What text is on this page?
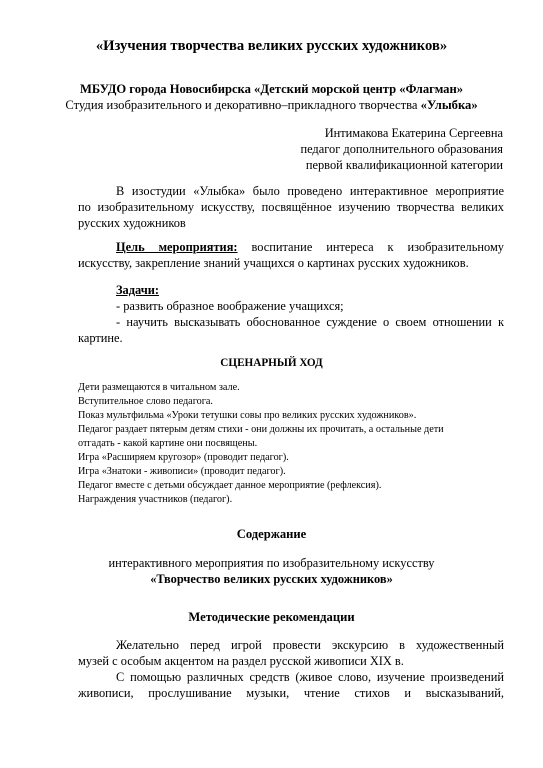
«Изучения творчества великих русских художников»
МБУДО города Новосибирска «Детский морской центр «Флагман»
Студия изобразительного и декоративно–прикладного творчества «Улыбка»
Интимакова Екатерина Сергеевна
педагог дополнительного образования
первой квалификационной категории
В изостудии «Улыбка» было проведено интерактивное мероприятие
по изобразительному искусству, посвящённое изучению творчества великих
русских художников
Цель мероприятия: воспитание интереса к изобразительному
искусству, закрепление знаний учащихся о картинах русских художников.
Задачи:
- развить образное воображение учащихся;
- научить высказывать обоснованное суждение о своем отношении к
картине.
СЦЕНАРНЫЙ ХОД
Дети размещаются в читальном зале.
Вступительное слово педагога.
Показ мультфильма «Уроки тетушки совы про великих русских художников».
Педагог раздает пятерым детям стихи - они должны их прочитать, а остальные дети
отгадать - какой картине они посвящены.
Игра «Расширяем кругозор» (проводит педагог).
Игра «Знатоки - живописи» (проводит педагог).
Педагог вместе с детьми обсуждает данное мероприятие (рефлексия).
Награждения участников (педагог).
Содержание
интерактивного мероприятия по изобразительному искусству
«Творчество великих русских художников»
Методические рекомендации
Желательно перед игрой провести экскурсию в художественный
музей с особым акцентом на раздел русской живописи XIX в.
С помощью различных средств (живое слово, изучение произведений
живописи, прослушивание музыки, чтение стихов и высказываний,
